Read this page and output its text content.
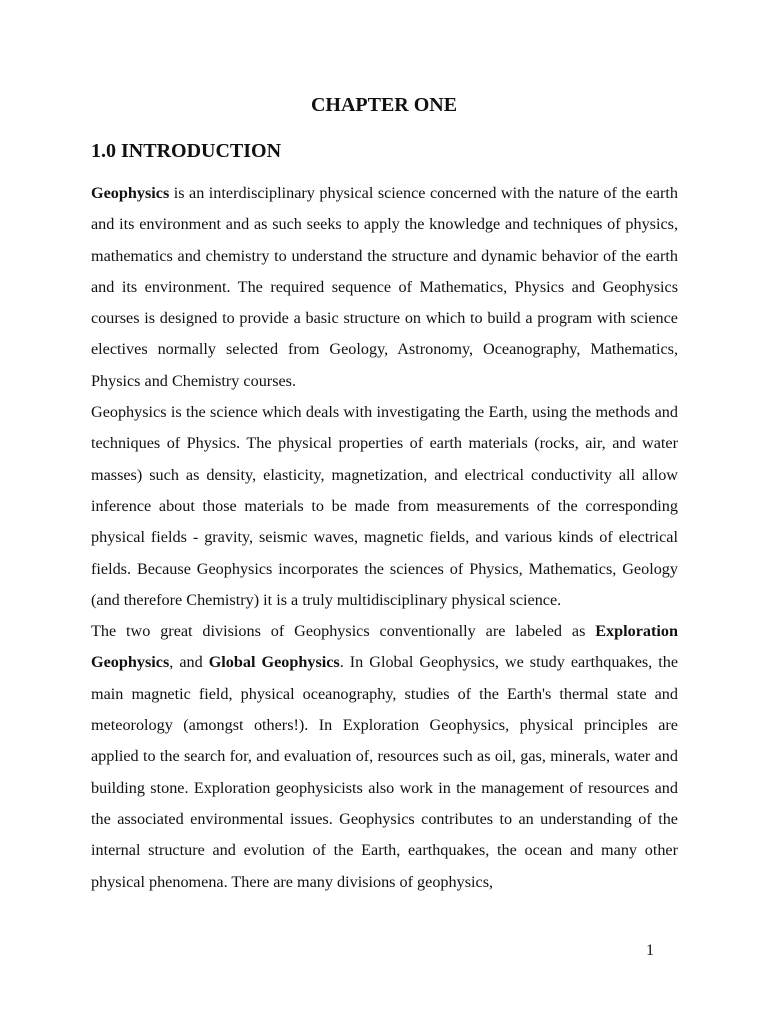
CHAPTER ONE
1.0 INTRODUCTION

Geophysics is an interdisciplinary physical science concerned with the nature of the earth and its environment and as such seeks to apply the knowledge and techniques of physics, mathematics and chemistry to understand the structure and dynamic behavior of the earth and its environment. The required sequence of Mathematics, Physics and Geophysics courses is designed to provide a basic structure on which to build a program with science electives normally selected from Geology, Astronomy, Oceanography, Mathematics, Physics and Chemistry courses.

Geophysics is the science which deals with investigating the Earth, using the methods and techniques of Physics. The physical properties of earth materials (rocks, air, and water masses) such as density, elasticity, magnetization, and electrical conductivity all allow inference about those materials to be made from measurements of the corresponding physical fields - gravity, seismic waves, magnetic fields, and various kinds of electrical fields. Because Geophysics incorporates the sciences of Physics, Mathematics, Geology (and therefore Chemistry) it is a truly multidisciplinary physical science.

The two great divisions of Geophysics conventionally are labeled as Exploration Geophysics, and Global Geophysics. In Global Geophysics, we study earthquakes, the main magnetic field, physical oceanography, studies of the Earth's thermal state and meteorology (amongst others!). In Exploration Geophysics, physical principles are applied to the search for, and evaluation of, resources such as oil, gas, minerals, water and building stone. Exploration geophysicists also work in the management of resources and the associated environmental issues. Geophysics contributes to an understanding of the internal structure and evolution of the Earth, earthquakes, the ocean and many other physical phenomena. There are many divisions of geophysics,

1
